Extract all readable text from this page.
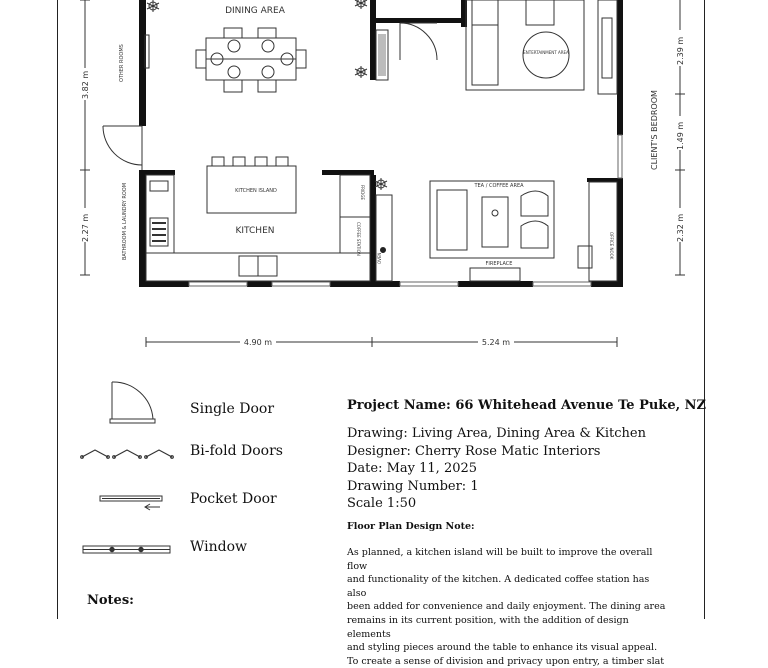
DINING AREA
KITCHEN ISLAND
KITCHEN
OTHER ROOMS
BATHROOM & LAUNDRY ROOM
CLIENT'S BEDROOM
TEA / COFFEE AREA
ENTERTAINMENT AREA
FIREPLACE
FRIDGE
COFFEE STATION
OVEN	OFFICE NOOK
3.82 m
2.27 m
2.39 m
1.49 m
2.32 m
4.90 m	5.24 m
Single Door
Bi-fold Doors
Pocket Door
Window
Project Name: 66 Whitehead Avenue Te Puke, NZ
Drawing: Living Area, Dining Area & Kitchen
Designer: Cherry Rose Matic Interiors
Date: May 11, 2025
Drawing Number: 1
Scale 1:50
Floor Plan Design Note:
As planned, a kitchen island will be built to improve the overall flow
and functionality of the kitchen. A dedicated coffee station has also
been added for convenience and daily enjoyment. The dining area
remains in its current position, with the addition of design elements
and styling pieces around the table to enhance its visual appeal.
To create a sense of division and privacy upon entry, a timber slat
Notes:
